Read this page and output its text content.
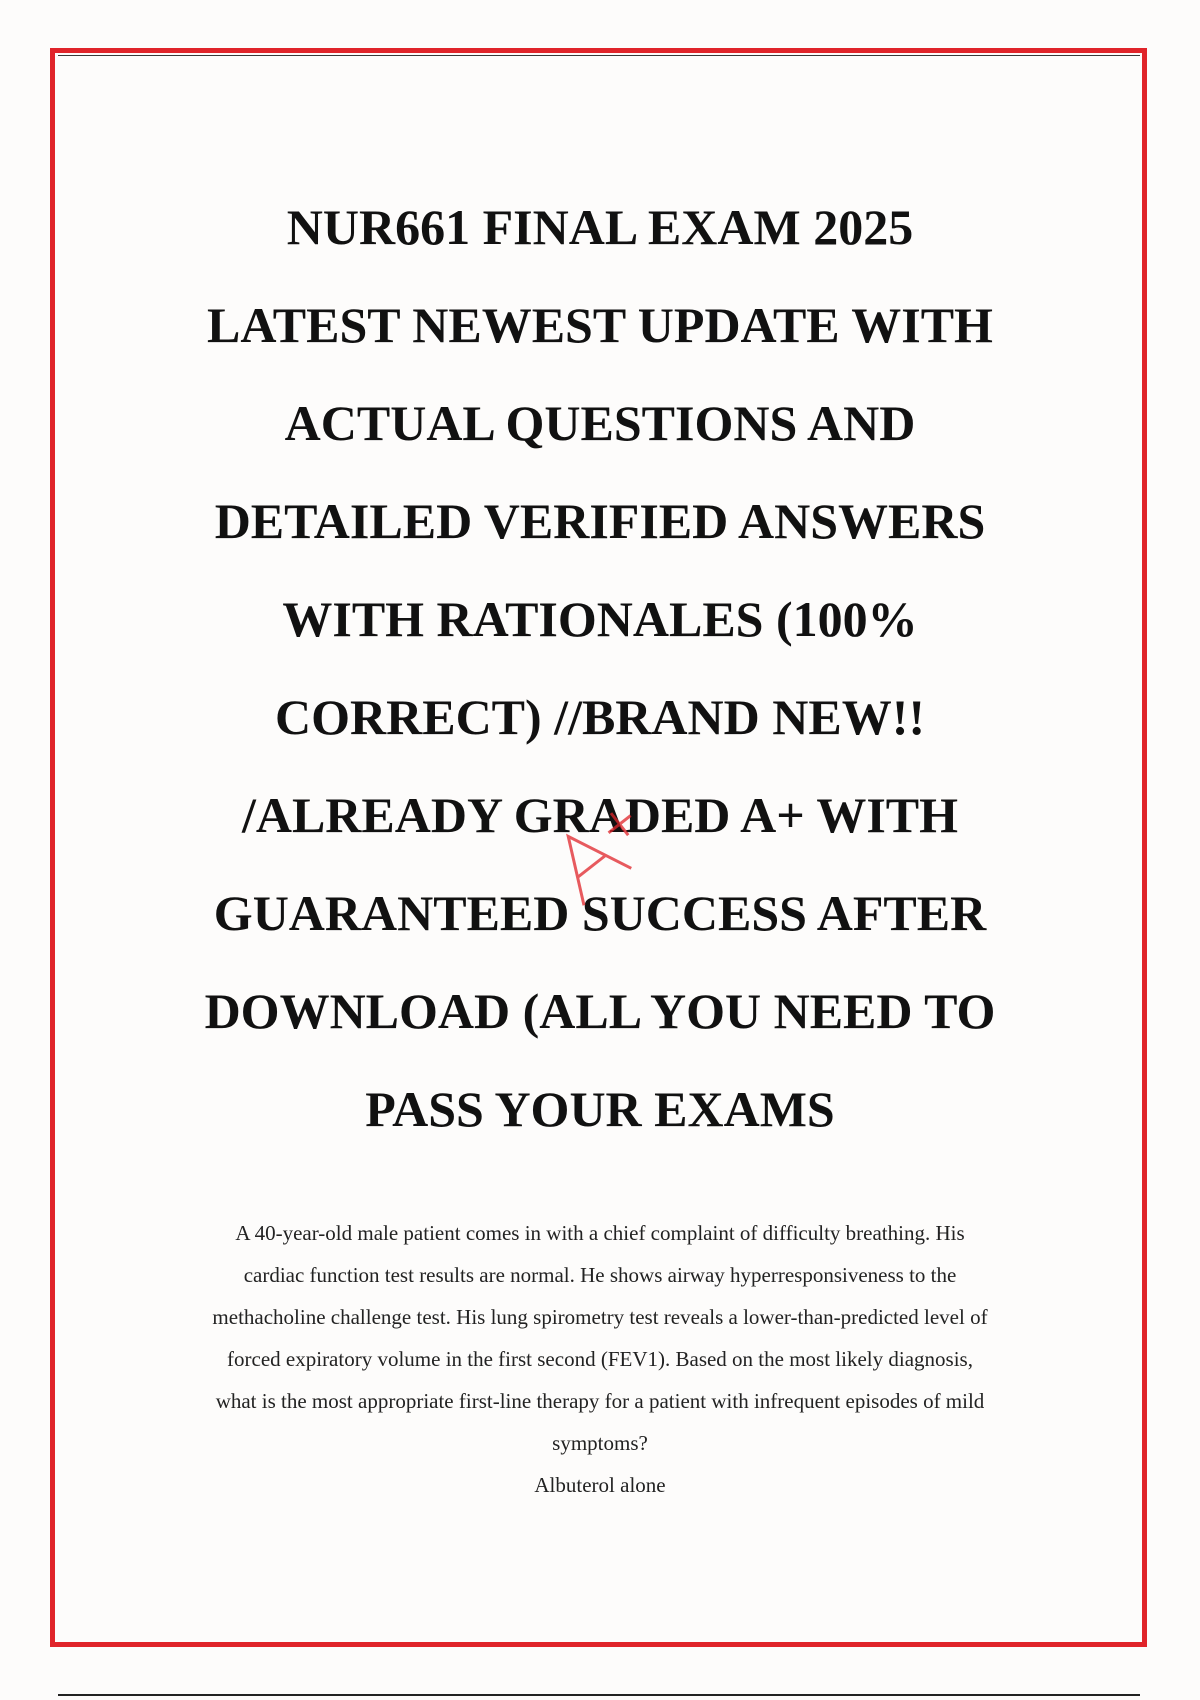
NUR661 FINAL EXAM 2025
LATEST NEWEST UPDATE WITH
ACTUAL QUESTIONS AND
DETAILED VERIFIED ANSWERS
WITH RATIONALES (100%
CORRECT) //BRAND NEW!!
/ALREADY GRADED A+ WITH
GUARANTEED SUCCESS AFTER
DOWNLOAD (ALL YOU NEED TO
PASS YOUR EXAMS
A 40-year-old male patient comes in with a chief complaint of difficulty breathing. His
cardiac function test results are normal. He shows airway hyperresponsiveness to the
methacholine challenge test. His lung spirometry test reveals a lower-than-predicted level of
forced expiratory volume in the first second (FEV1). Based on the most likely diagnosis,
what is the most appropriate first-line therapy for a patient with infrequent episodes of mild
symptoms?
Albuterol alone
